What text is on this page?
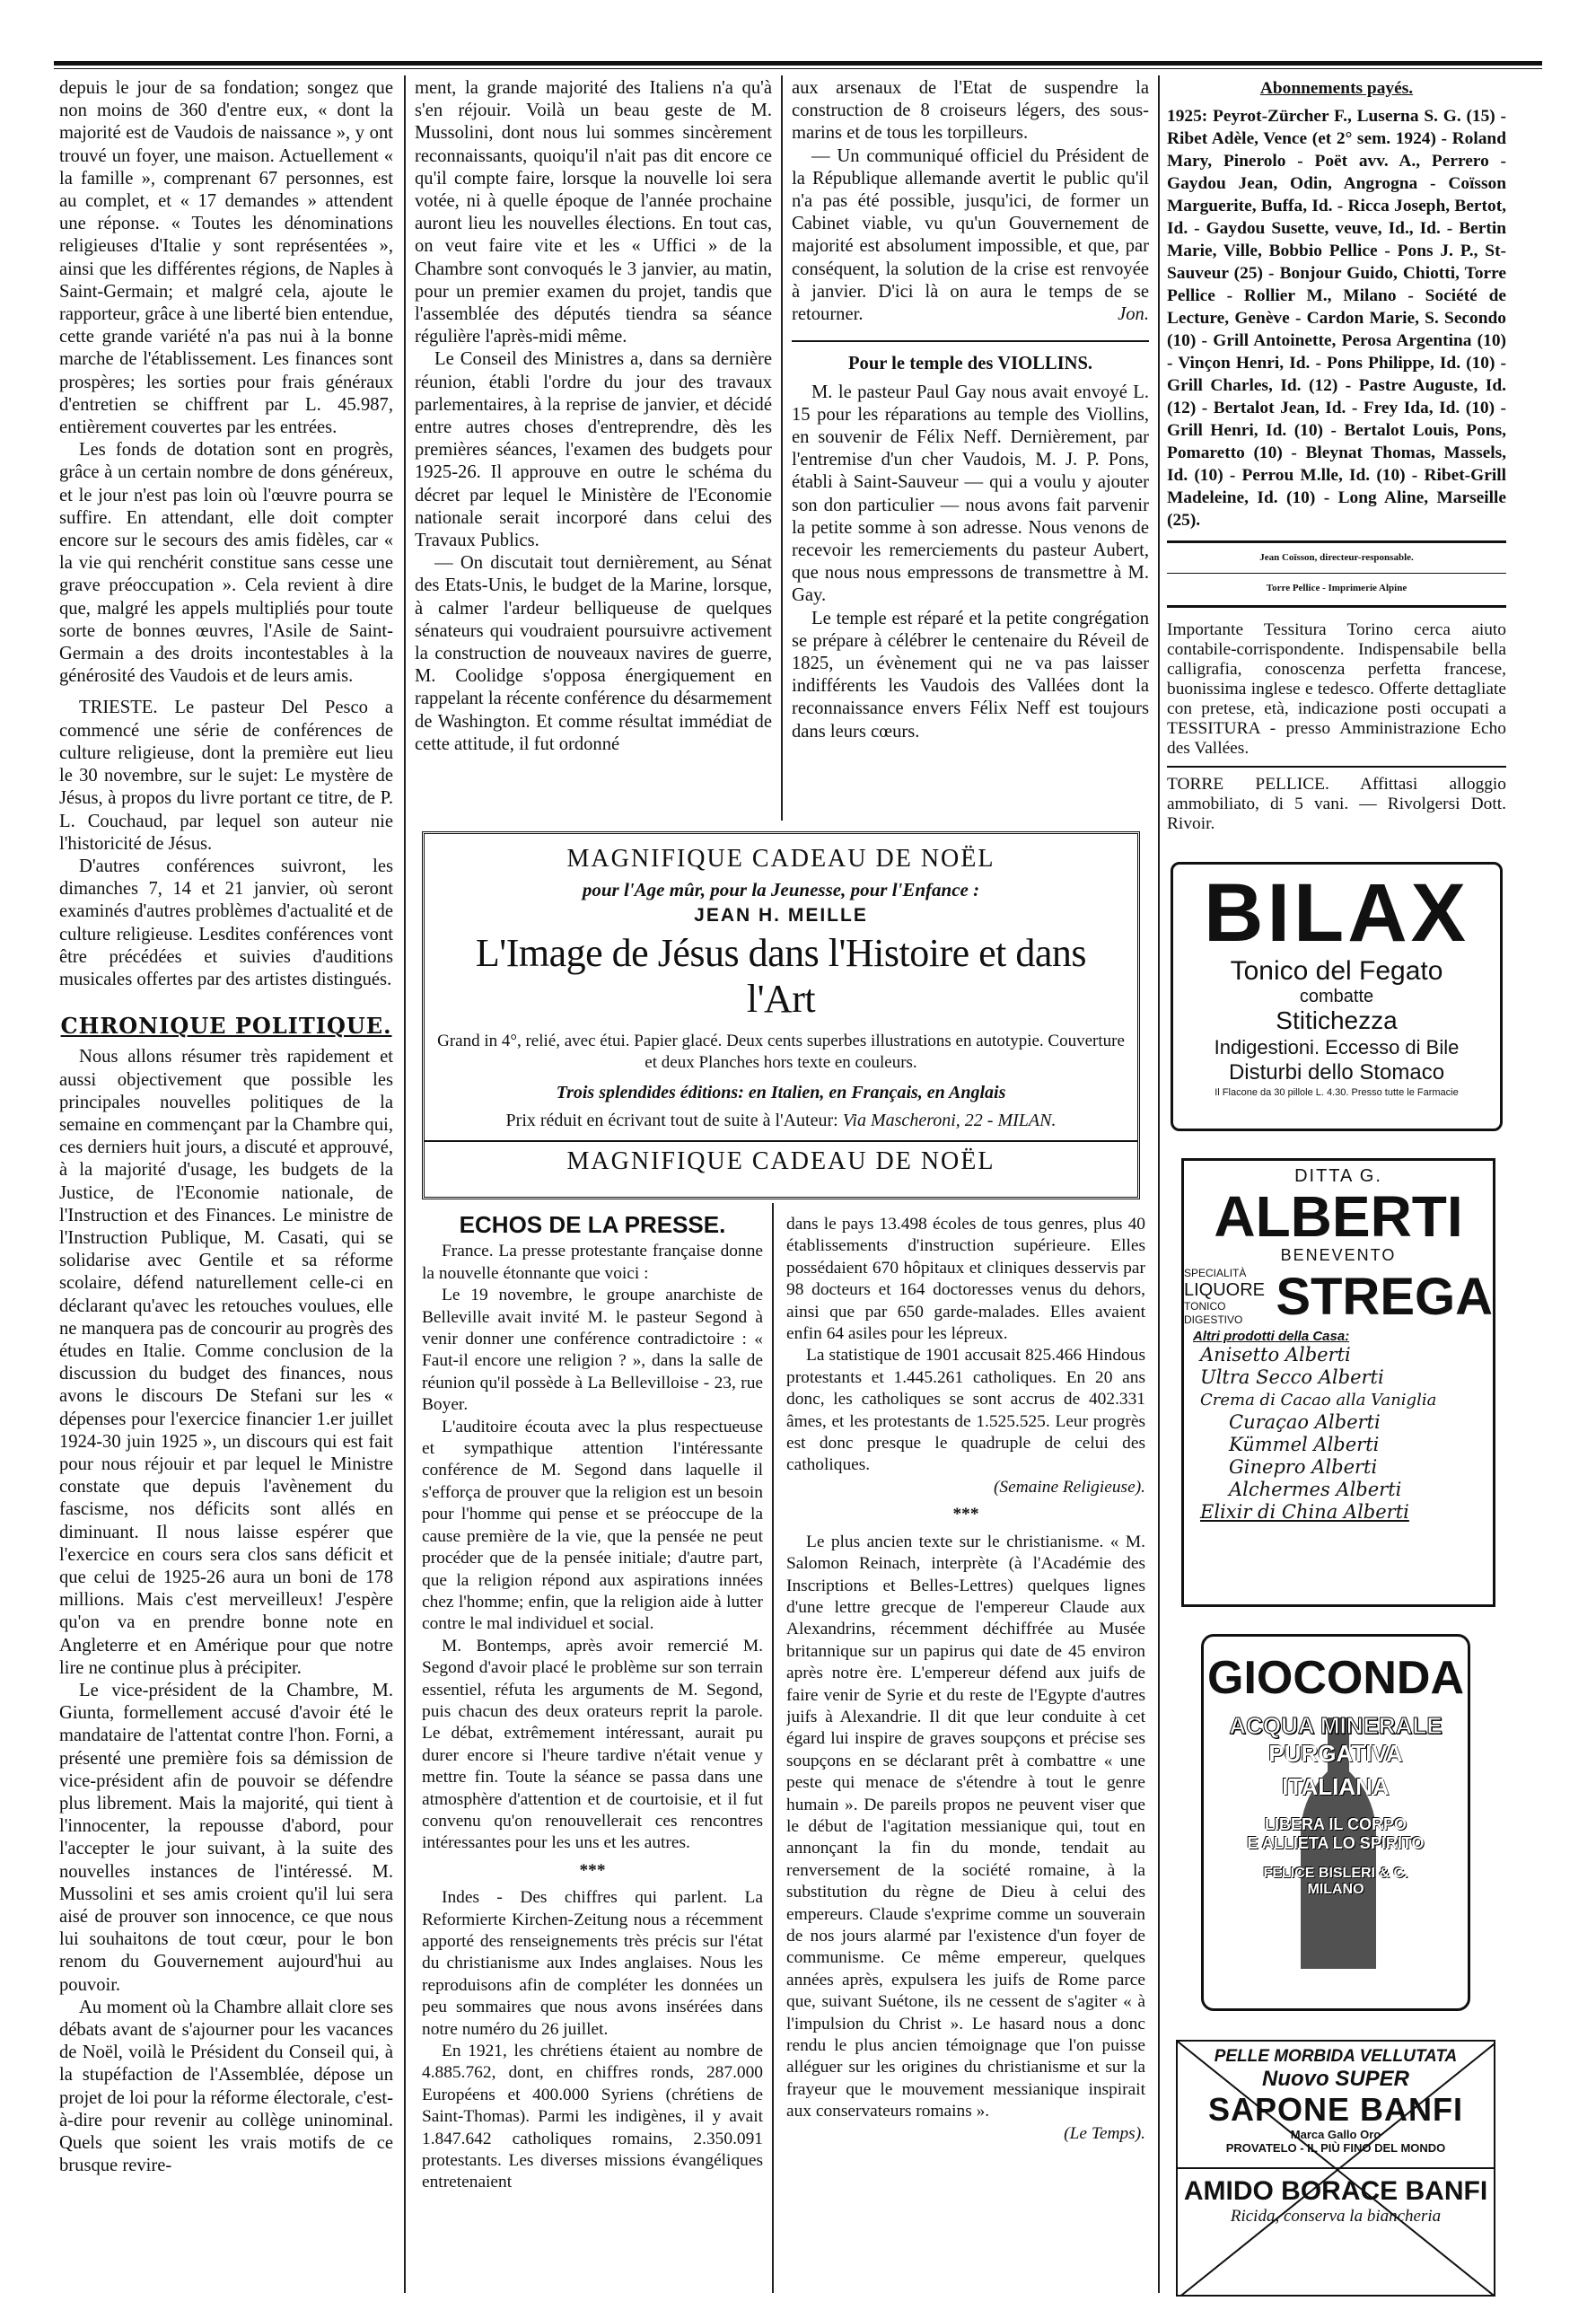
depuis le jour de sa fondation; songez que non moins de 360 d'entre eux, « dont la majorité est de Vaudois de naissance », y ont trouvé un foyer, une maison. Actuellement « la famille », comprenant 67 personnes, est au complet, et « 17 demandes » attendent une réponse. « Toutes les dénominations religieuses d'Italie y sont représentées », ainsi que les différentes régions, de Naples à Saint-Germain; et malgré cela, ajoute le rapporteur, grâce à une liberté bien entendue, cette grande variété n'a pas nui à la bonne marche de l'établissement. Les finances sont prospères; les sorties pour frais généraux d'entretien se chiffrent par L. 45.987, entièrement couvertes par les entrées.

Les fonds de dotation sont en progrès, grâce à un certain nombre de dons généreux, et le jour n'est pas loin où l'œuvre pourra se suffire. En attendant, elle doit compter encore sur le secours des amis fidèles, car « la vie qui renchérit constitue sans cesse une grave préoccupation ». Cela revient à dire que, malgré les appels multipliés pour toute sorte de bonnes œuvres, l'Asile de Saint-Germain a des droits incontestables à la générosité des Vaudois et de leurs amis.

TRIESTE. Le pasteur Del Pesco a commencé une série de conférences de culture religieuse, dont la première eut lieu le 30 novembre, sur le sujet: Le mystère de Jésus, à propos du livre portant ce titre, de P. L. Couchaud, par lequel son auteur nie l'historicité de Jésus.

D'autres conférences suivront, les dimanches 7, 14 et 21 janvier, où seront examinés d'autres problèmes d'actualité et de culture religieuse. Lesdites conférences vont être précédées et suivies d'auditions musicales offertes par des artistes distingués.

CHRONIQUE POLITIQUE.

Nous allons résumer très rapidement et aussi objectivement que possible les principales nouvelles politiques de la semaine en commençant par la Chambre qui, ces derniers huit jours, a discuté et approuvé, à la majorité d'usage, les budgets de la Justice, de l'Economie nationale, de l'Instruction et des Finances. Le ministre de l'Instruction Publique, M. Casati, qui se solidarise avec Gentile et sa réforme scolaire, défend naturellement celle-ci en déclarant qu'avec les retouches voulues, elle ne manquera pas de concourir au progrès des études en Italie. Comme conclusion de la discussion du budget des finances, nous avons le discours De Stefani sur les « dépenses pour l'exercice financier 1.er juillet 1924-30 juin 1925 », un discours qui est fait pour nous réjouir et par lequel le Ministre constate que depuis l'avènement du fascisme, nos déficits sont allés en diminuant. Il nous laisse espérer que l'exercice en cours sera clos sans déficit et que celui de 1925-26 aura un boni de 178 millions. Mais c'est merveilleux! J'espère qu'on va en prendre bonne note en Angleterre et en Amérique pour que notre lire ne continue plus à précipiter.

Le vice-président de la Chambre, M. Giunta, formellement accusé d'avoir été le mandataire de l'attentat contre l'hon. Forni, a présenté une première fois sa démission de vice-président afin de pouvoir se défendre plus librement. Mais la majorité, qui tient à l'innocenter, la repousse d'abord, pour l'accepter le jour suivant, à la suite des nouvelles instances de l'intéressé. M. Mussolini et ses amis croient qu'il lui sera aisé de prouver son innocence, ce que nous lui souhaitons de tout cœur, pour le bon renom du Gouvernement aujourd'hui au pouvoir.

Au moment où la Chambre allait clore ses débats avant de s'ajourner pour les vacances de Noël, voilà le Président du Conseil qui, à la stupéfaction de l'Assemblée, dépose un projet de loi pour la réforme électorale, c'est-à-dire pour revenir au collège uninominal. Quels que soient les vrais motifs de ce brusque revire-

ment, la grande majorité des Italiens n'a qu'à s'en réjouir. Voilà un beau geste de M. Mussolini, dont nous lui sommes sincèrement reconnaissants, quoiqu'il n'ait pas dit encore ce qu'il compte faire, lorsque la nouvelle loi sera votée, ni à quelle époque de l'année prochaine auront lieu les nouvelles élections. En tout cas, on veut faire vite et les « Uffici » de la Chambre sont convoqués le 3 janvier, au matin, pour un premier examen du projet, tandis que l'assemblée des députés tiendra sa séance régulière l'après-midi même.

Le Conseil des Ministres a, dans sa dernière réunion, établi l'ordre du jour des travaux parlementaires, à la reprise de janvier, et décidé entre autres choses d'entreprendre, dès les premières séances, l'examen des budgets pour 1925-26. Il approuve en outre le schéma du décret par lequel le Ministère de l'Economie nationale serait incorporé dans celui des Travaux Publics.

— On discutait tout dernièrement, au Sénat des Etats-Unis, le budget de la Marine, lorsque, à calmer l'ardeur belliqueuse de quelques sénateurs qui voudraient poursuivre activement la construction de nouveaux navires de guerre, M. Coolidge s'opposa énergiquement en rappelant la récente conférence du désarmement de Washington. Et comme résultat immédiat de cette attitude, il fut ordonné

aux arsenaux de l'Etat de suspendre la construction de 8 croiseurs légers, des sous-marins et de tous les torpilleurs.

— Un communiqué officiel du Président de la République allemande avertit le public qu'il n'a pas été possible, jusqu'ici, de former un Cabinet viable, vu qu'un Gouvernement de majorité est absolument impossible, et que, par conséquent, la solution de la crise est renvoyée à janvier. D'ici là on aura le temps de se retourner.	Jon.
Pour le temple des VIOLLINS.

M. le pasteur Paul Gay nous avait envoyé L. 15 pour les réparations au temple des Viollins, en souvenir de Félix Neff. Dernièrement, par l'entremise d'un cher Vaudois, M. J. P. Pons, établi à Saint-Sauveur — qui a voulu y ajouter son don particulier — nous avons fait parvenir la petite somme à son adresse. Nous venons de recevoir les remerciements du pasteur Aubert, que nous nous empressons de transmettre à M. Gay.

Le temple est réparé et la petite congrégation se prépare à célébrer le centenaire du Réveil de 1825, un évènement qui ne va pas laisser indifférents les Vaudois des Vallées dont la reconnaissance envers Félix Neff est toujours dans leurs cœurs.

Abonnements payés.

1925: Peyrot-Zürcher F., Luserna S. G. (15) - Ribet Adèle, Vence (et 2° sem. 1924) - Roland Mary, Pinerolo - Poët avv. A., Perrero - Gaydou Jean, Odin, Angrogna - Coïsson Marguerite, Buffa, Id. - Ricca Joseph, Bertot, Id. - Gaydou Susette, veuve, Id., Id. - Bertin Marie, Ville, Bobbio Pellice - Pons J. P., St-Sauveur (25) - Bonjour Guido, Chiotti, Torre Pellice - Rollier M., Milano - Société de Lecture, Genève - Cardon Marie, S. Secondo (10) - Grill Antoinette, Perosa Argentina (10) - Vinçon Henri, Id. - Pons Philippe, Id. (10) - Grill Charles, Id. (12) - Pastre Auguste, Id. (12) - Bertalot Jean, Id. - Frey Ida, Id. (10) - Grill Henri, Id. (10) - Bertalot Louis, Pons, Pomaretto (10) - Bleynat Thomas, Massels, Id. (10) - Perrou M.lle, Id. (10) - Ribet-Grill Madeleine, Id. (10) - Long Aline, Marseille (25).

Jean Coïsson, directeur-responsable.
Torre Pellice - Imprimerie Alpine

Importante Tessitura Torino cerca aiuto contabile-corrispondente. Indispensabile bella calligrafia, conoscenza perfetta francese, buonissima inglese e tedesco. Offerte dettagliate con pretese, età, indicazione posti occupati a TESSITURA - presso Amministrazione Echo des Vallées.

TORRE PELLICE. Affittasi alloggio ammobiliato, di 5 vani. — Rivolgersi Dott. Rivoir.

MAGNIFIQUE CADEAU DE NOËL
pour l'Age mûr, pour la Jeunesse, pour l'Enfance :
JEAN H. MEILLE
L'Image de Jésus dans l'Histoire et dans l'Art
Grand in 4°, relié, avec étui. Papier glacé. Deux cents superbes illustrations en autotypie. Couverture et deux Planches hors texte en couleurs.
Trois splendides éditions: en Italien, en Français, en Anglais
Prix réduit en écrivant tout de suite à l'Auteur: Via Mascheroni, 22 - MILAN.
MAGNIFIQUE CADEAU DE NOËL
ECHOS DE LA PRESSE.

France. La presse protestante française donne la nouvelle étonnante que voici :

Le 19 novembre, le groupe anarchiste de Belleville avait invité M. le pasteur Segond à venir donner une conférence contradictoire : « Faut-il encore une religion ? », dans la salle de réunion qu'il possède à La Bellevilloise - 23, rue Boyer.

L'auditoire écouta avec la plus respectueuse et sympathique attention l'intéressante conférence de M. Segond dans laquelle il s'efforça de prouver que la religion est un besoin pour l'homme qui pense et se préoccupe de la cause première de la vie, que la pensée ne peut procéder que de la pensée initiale; d'autre part, que la religion répond aux aspirations innées chez l'homme; enfin, que la religion aide à lutter contre le mal individuel et social.

M. Bontemps, après avoir remercié M. Segond d'avoir placé le problème sur son terrain essentiel, réfuta les arguments de M. Segond, puis chacun des deux orateurs reprit la parole. Le débat, extrêmement intéressant, aurait pu durer encore si l'heure tardive n'était venue y mettre fin. Toute la séance se passa dans une atmosphère d'attention et de courtoisie, et il fut convenu qu'on renouvellerait ces rencontres intéressantes pour les uns et les autres.

***

Indes - Des chiffres qui parlent. La Reformierte Kirchen-Zeitung nous a récemment apporté des renseignements très précis sur l'état du christianisme aux Indes anglaises. Nous les reproduisons afin de compléter les données un peu sommaires que nous avons insérées dans notre numéro du 26 juillet.

En 1921, les chrétiens étaient au nombre de 4.885.762, dont, en chiffres ronds, 287.000 Européens et 400.000 Syriens (chrétiens de Saint-Thomas). Parmi les indigènes, il y avait 1.847.642 catholiques romains, 2.350.091 protestants. Les diverses missions évangéliques entretenaient

dans le pays 13.498 écoles de tous genres, plus 40 établissements d'instruction supérieure. Elles possédaient 670 hôpitaux et cliniques desservis par 98 docteurs et 164 doctoresses venus du dehors, ainsi que par 650 garde-malades. Elles avaient enfin 64 asiles pour les lépreux.

La statistique de 1901 accusait 825.466 Hindous protestants et 1.445.261 catholiques. En 20 ans donc, les catholiques se sont accrus de 402.331 âmes, et les protestants de 1.525.525. Leur progrès est donc presque le quadruple de celui des catholiques.

(Semaine Religieuse).
***

Le plus ancien texte sur le christianisme. « M. Salomon Reinach, interprète (à l'Académie des Inscriptions et Belles-Lettres) quelques lignes d'une lettre grecque de l'empereur Claude aux Alexandrins, récemment déchiffrée au Musée britannique sur un papirus qui date de 45 environ après notre ère. L'empereur défend aux juifs de faire venir de Syrie et du reste de l'Egypte d'autres juifs à Alexandrie. Il dit que leur conduite à cet égard lui inspire de graves soupçons et précise ses soupçons en se déclarant prêt à combattre « une peste qui menace de s'étendre à tout le genre humain ». De pareils propos ne peuvent viser que le début de l'agitation messianique qui, tout en annonçant la fin du monde, tendait au renversement de la société romaine, à la substitution du règne de Dieu à celui des empereurs. Claude s'exprime comme un souverain de nos jours alarmé par l'existence d'un foyer de communisme. Ce même empereur, quelques années après, expulsera les juifs de Rome parce que, suivant Suétone, ils ne cessent de s'agiter « à l'impulsion du Christ ». Le hasard nous a donc rendu le plus ancien témoignage que l'on puisse alléguer sur les origines du christianisme et sur la frayeur que le mouvement messianique inspirait aux conservateurs romains ».

(Le Temps).
BILAX
Tonico del Fegato
combatte
Stitichezza
Indigestioni. Eccesso di Bile
Disturbi dello Stomaco
Il Flacone da 30 pillole L. 4.30. Presso tutte le Farmacie
DITTA G.
ALBERTI
BENEVENTO
SPECIALITÀ
LIQUORE
TONICO DIGESTIVO STREGA
Altri prodotti della Casa:
Anisetto Alberti
Ultra Secco Alberti
Crema di Cacao alla Vaniglia
Curaçao Alberti
Kümmel Alberti
Ginepro Alberti
Alchermes Alberti
Elixir di China Alberti
GIOCONDA
ACQUA MINERALE
PURGATIVA
ITALIANA
LIBERA IL CORPO
E ALLIETA LO SPIRITO
FELICE BISLERI & C.
MILANO
PELLE MORBIDA VELLUTATA
Nuovo SUPER
SAPONE BANFI
Marca Gallo Oro
PROVATELO - IL PIÙ FINO DEL MONDO
AMIDO BORACE BANFI
Ricida, conserva la biancheria
